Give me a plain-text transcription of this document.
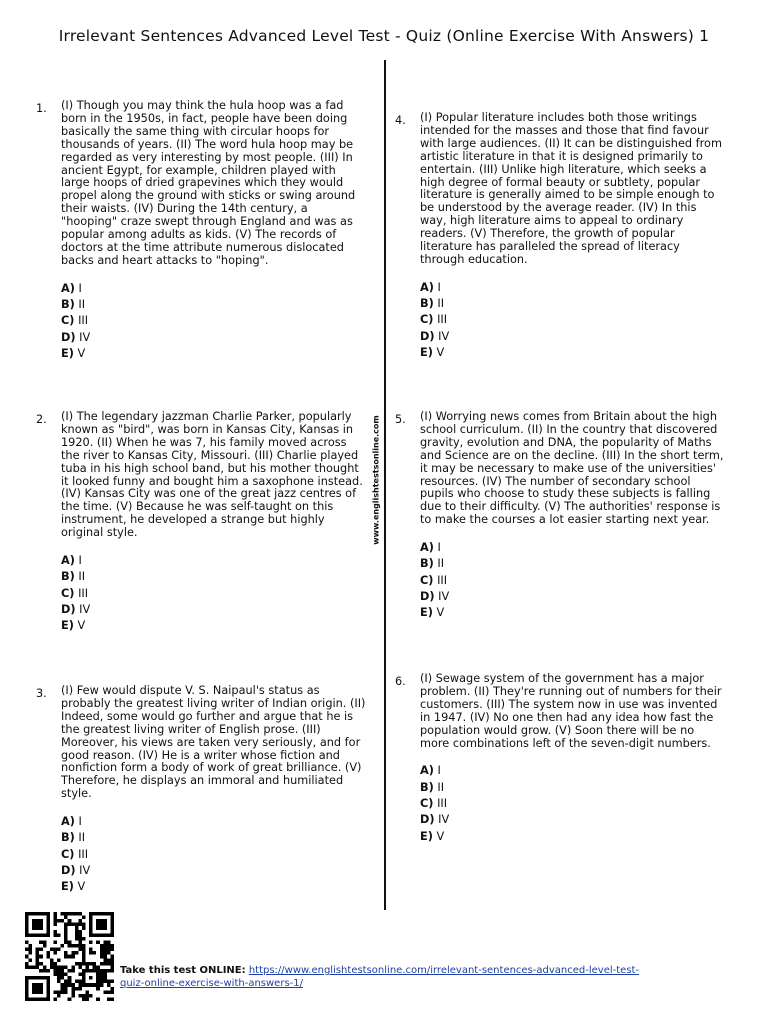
Irrelevant Sentences Advanced Level Test - Quiz (Online Exercise With Answers) 1
www.englishtestsonline.com
1. (I) Though you may think the hula hoop was a fad
born in the 1950s, in fact, people have been doing
basically the same thing with circular hoops for
thousands of years. (II) The word hula hoop may be
regarded as very interesting by most people. (III) In
ancient Egypt, for example, children played with
large hoops of dried grapevines which they would
propel along the ground with sticks or swing around
their waists. (IV) During the 14th century, a
"hooping" craze swept through England and was as
popular among adults as kids. (V) The records of
doctors at the time attribute numerous dislocated
backs and heart attacks to "hoping".
A) I
B) II
C) III
D) IV
E) V
2. (I) The legendary jazzman Charlie Parker, popularly
known as "bird", was born in Kansas City, Kansas in
1920. (II) When he was 7, his family moved across
the river to Kansas City, Missouri. (III) Charlie played
tuba in his high school band, but his mother thought
it looked funny and bought him a saxophone instead.
(IV) Kansas City was one of the great jazz centres of
the time. (V) Because he was self-taught on this
instrument, he developed a strange but highly
original style.
A) I
B) II
C) III
D) IV
E) V
3. (I) Few would dispute V. S. Naipaul's status as
probably the greatest living writer of Indian origin. (II)
Indeed, some would go further and argue that he is
the greatest living writer of English prose. (III)
Moreover, his views are taken very seriously, and for
good reason. (IV) He is a writer whose fiction and
nonfiction form a body of work of great brilliance. (V)
Therefore, he displays an immoral and humiliated
style.
A) I
B) II
C) III
D) IV
E) V
4. (I) Popular literature includes both those writings
intended for the masses and those that find favour
with large audiences. (II) It can be distinguished from
artistic literature in that it is designed primarily to
entertain. (III) Unlike high literature, which seeks a
high degree of formal beauty or subtlety, popular
literature is generally aimed to be simple enough to
be understood by the average reader. (IV) In this
way, high literature aims to appeal to ordinary
readers. (V) Therefore, the growth of popular
literature has paralleled the spread of literacy
through education.
A) I
B) II
C) III
D) IV
E) V
5. (I) Worrying news comes from Britain about the high
school curriculum. (II) In the country that discovered
gravity, evolution and DNA, the popularity of Maths
and Science are on the decline. (III) In the short term,
it may be necessary to make use of the universities'
resources. (IV) The number of secondary school
pupils who choose to study these subjects is falling
due to their difficulty. (V) The authorities' response is
to make the courses a lot easier starting next year.
A) I
B) II
C) III
D) IV
E) V
6. (I) Sewage system of the government has a major
problem. (II) They're running out of numbers for their
customers. (III) The system now in use was invented
in 1947. (IV) No one then had any idea how fast the
population would grow. (V) Soon there will be no
more combinations left of the seven-digit numbers.
A) I
B) II
C) III
D) IV
E) V
Take this test ONLINE: https://www.englishtestsonline.com/irrelevant-sentences-advanced-level-test-
quiz-online-exercise-with-answers-1/
